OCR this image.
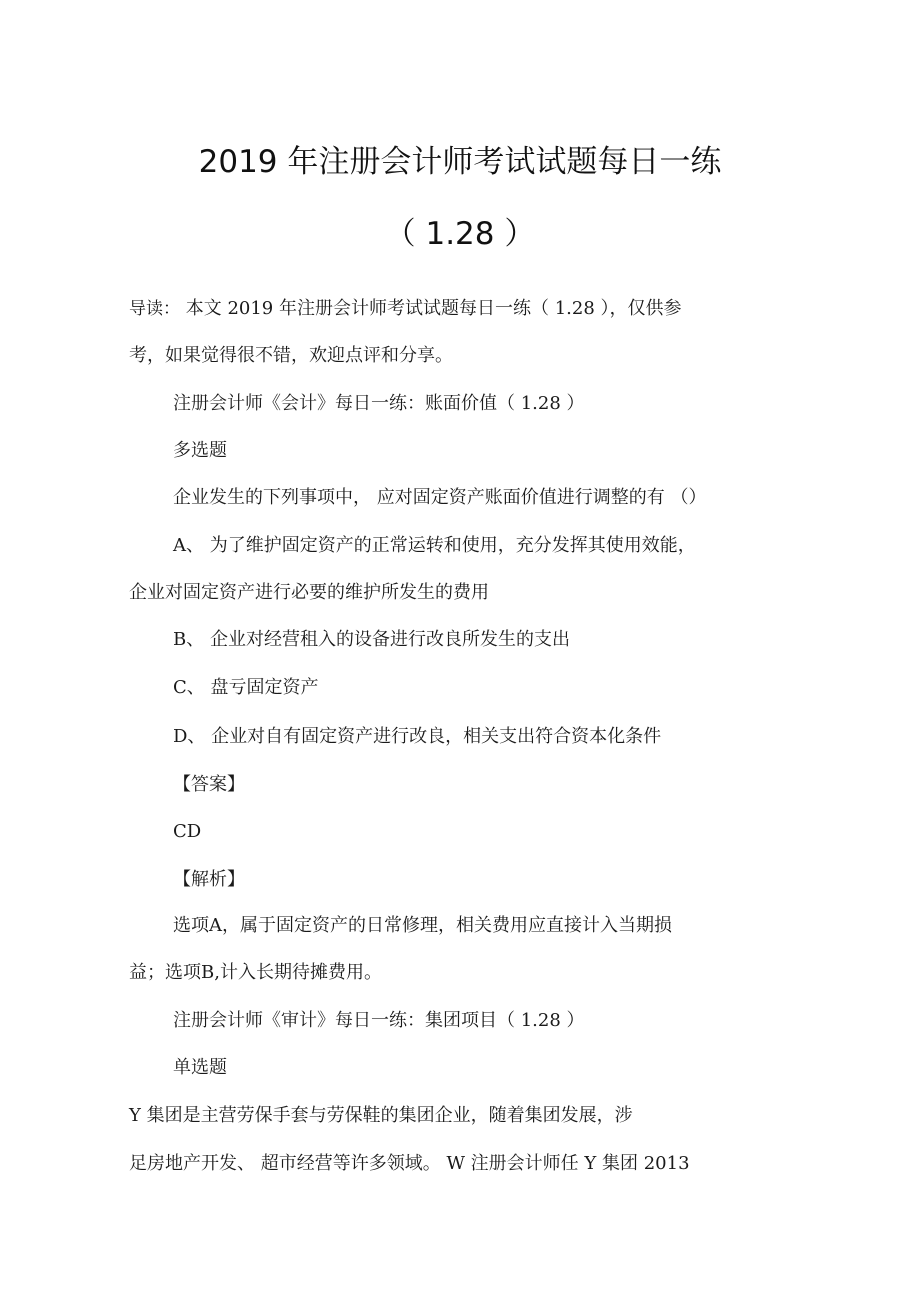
2019 年注册会计师考试试题每日一练
（ 1.28 ）
导读： 本文 2019 年注册会计师考试试题每日一练（ 1.28 ），仅供参
考，如果觉得很不错，欢迎点评和分享。
注册会计师《会计》每日一练：账面价值（ 1.28 ）
多选题
企业发生的下列事项中， 应对固定资产账面价值进行调整的有 （）
A、 为了维护固定资产的正常运转和使用，充分发挥其使用效能，
企业对固定资产进行必要的维护所发生的费用
B、 企业对经营租入的设备进行改良所发生的支出
C、 盘亏固定资产
D、 企业对自有固定资产进行改良，相关支出符合资本化条件
【答案】
CD
【解析】
选项A，属于固定资产的日常修理，相关费用应直接计入当期损
益；选项B,计入长期待摊费用。
注册会计师《审计》每日一练：集团项目（ 1.28 ）
单选题
Y 集团是主营劳保手套与劳保鞋的集团企业，随着集团发展，涉
足房地产开发、 超市经营等许多领域。 W 注册会计师任 Y 集团 2013
